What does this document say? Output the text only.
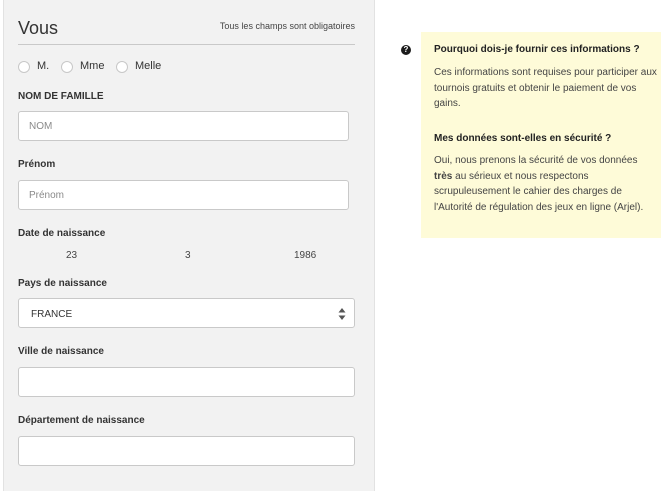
Vous	Tous les champs sont obligatoires
M.	Mme	Melle
NOM DE FAMILLE
NOM
Prénom
Prénom
Date de naissance
23	3	1986
Pays de naissance
FRANCE
Ville de naissance
Département de naissance
?	Pourquoi dois-je fournir ces informations ?
Ces informations sont requises pour participer aux tournois gratuits et obtenir le paiement de vos gains.
Mes données sont-elles en sécurité ?
Oui, nous prenons la sécurité de vos données très au sérieux et nous respectons scrupuleusement le cahier des charges de l'Autorité de régulation des jeux en ligne (Arjel).
